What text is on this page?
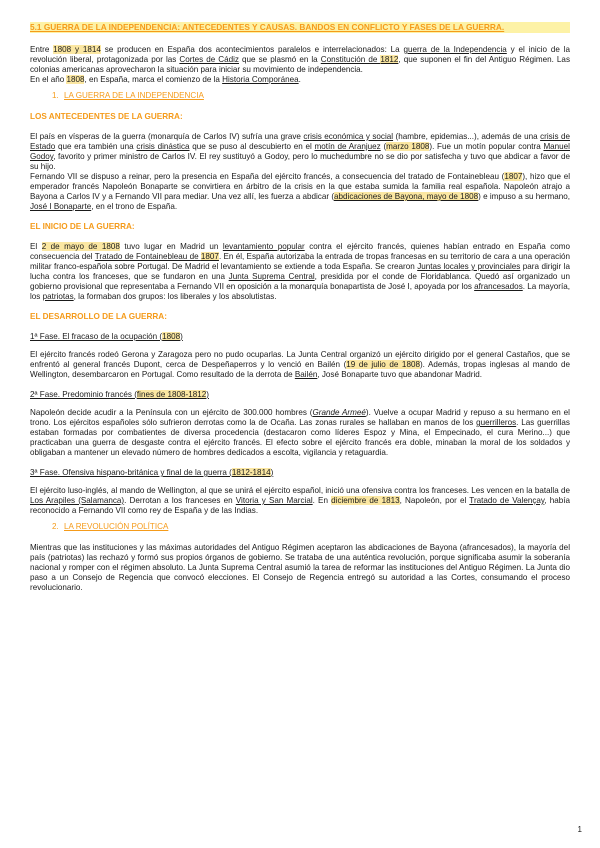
5.1 GUERRA DE LA INDEPENDENCIA: ANTECEDENTES Y CAUSAS. BANDOS EN CONFLICTO Y FASES DE LA GUERRA.

Entre 1808 y 1814 se producen en España dos acontecimientos paralelos e interrelacionados: La guerra de la Independencia y el inicio de la revolución liberal, protagonizada por las Cortes de Cádiz que se plasmó en la Constitución de 1812, que suponen el fin del Antiguo Régimen. Las colonias americanas aprovecharon la situación para iniciar su movimiento de independencia.

En el año 1808, en España, marca el comienzo de la Historia Comporánea.

1. LA GUERRA DE LA INDEPENDENCIA
LOS ANTECEDENTES DE LA GUERRA:

El país en vísperas de la guerra (monarquía de Carlos IV) sufría una grave crisis económica y social (hambre, epidemias...), además de una crisis de Estado que era también una crisis dinástica que se puso al descubierto en el motín de Aranjuez (marzo 1808). Fue un motín popular contra Manuel Godoy, favorito y primer ministro de Carlos IV. El rey sustituyó a Godoy, pero lo muchedumbre no se dio por satisfecha y tuvo que abdicar a favor de su hijo.

Fernando VII se dispuso a reinar, pero la presencia en España del ejército francés, a consecuencia del tratado de Fontainebleau (1807), hizo que el emperador francés Napoleón Bonaparte se convirtiera en árbitro de la crisis en la que estaba sumida la familia real española. Napoleón atrajo a Bayona a Carlos IV y a Fernando VII para mediar. Una vez allí, les fuerza a abdicar (abdicaciones de Bayona, mayo de 1808) e impuso a su hermano, José I Bonaparte, en el trono de España.

EL INICIO DE LA GUERRA:

El 2 de mayo de 1808 tuvo lugar en Madrid un levantamiento popular contra el ejército francés, quienes habían entrado en España como consecuencia del Tratado de Fontainebleau de 1807. En él, España autorizaba la entrada de tropas francesas en su territorio de cara a una operación militar franco-española sobre Portugal. De Madrid el levantamiento se extiende a toda España. Se crearon Juntas locales y provinciales para dirigir la lucha contra los franceses, que se fundaron en una Junta Suprema Central, presidida por el conde de Floridablanca. Quedó así organizado un gobierno provisional que representaba a Fernando VII en oposición a la monarquía bonapartista de José I, apoyada por los afrancesados. La mayoría, los patriotas, la formaban dos grupos: los liberales y los absolutistas.

EL DESARROLLO DE LA GUERRA:
1ª Fase. El fracaso de la ocupación (1808)

El ejército francés rodeó Gerona y Zaragoza pero no pudo ocuparlas. La Junta Central organizó un ejército dirigido por el general Castaños, que se enfrentó al general francés Dupont, cerca de Despeñaperros y lo venció en Bailén (19 de julio de 1808). Además, tropas inglesas al mando de Wellington, desembarcaron en Portugal. Como resultado de la derrota de Bailén, José Bonaparte tuvo que abandonar Madrid.

2ª Fase. Predominio francés (fines de 1808-1812)

Napoleón decide acudir a la Península con un ejército de 300.000 hombres (Grande Armeé). Vuelve a ocupar Madrid y repuso a su hermano en el trono. Los ejércitos españoles sólo sufrieron derrotas como la de Ocaña. Las zonas rurales se hallaban en manos de los guerrilleros. Las guerrillas estaban formadas por combatientes de diversa procedencia (destacaron como líderes Espoz y Mina, el Empecinado, el cura Merino...) que practicaban una guerra de desgaste contra el ejército francés. El efecto sobre el ejército francés era doble, minaban la moral de los soldados y obligaban a mantener un elevado número de hombres dedicados a escolta, vigilancia y retaguardia.

3ª Fase. Ofensiva hispano-británica y final de la guerra (1812-1814)

El ejército luso-inglés, al mando de Wellington, al que se unirá el ejército español, inició una ofensiva contra los franceses. Les vencen en la batalla de Los Arapiles (Salamanca). Derrotan a los franceses en Vitoria y San Marcial. En diciembre de 1813, Napoleón, por el Tratado de Valençay, había reconocido a Fernando VII como rey de España y de las Indias.

2. LA REVOLUCIÓN POLÍTICA

Mientras que las instituciones y las máximas autoridades del Antiguo Régimen aceptaron las abdicaciones de Bayona (afrancesados), la mayoría del país (patriotas) las rechazó y formó sus propios órganos de gobierno. Se trataba de una auténtica revolución, porque significaba asumir la soberanía nacional y romper con el régimen absoluto. La Junta Suprema Central asumió la tarea de reformar las instituciones del Antiguo Régimen. La Junta dio paso a un Consejo de Regencia que convocó elecciones. El Consejo de Regencia entregó su autoridad a las Cortes, consumando el proceso revolucionario.

1
